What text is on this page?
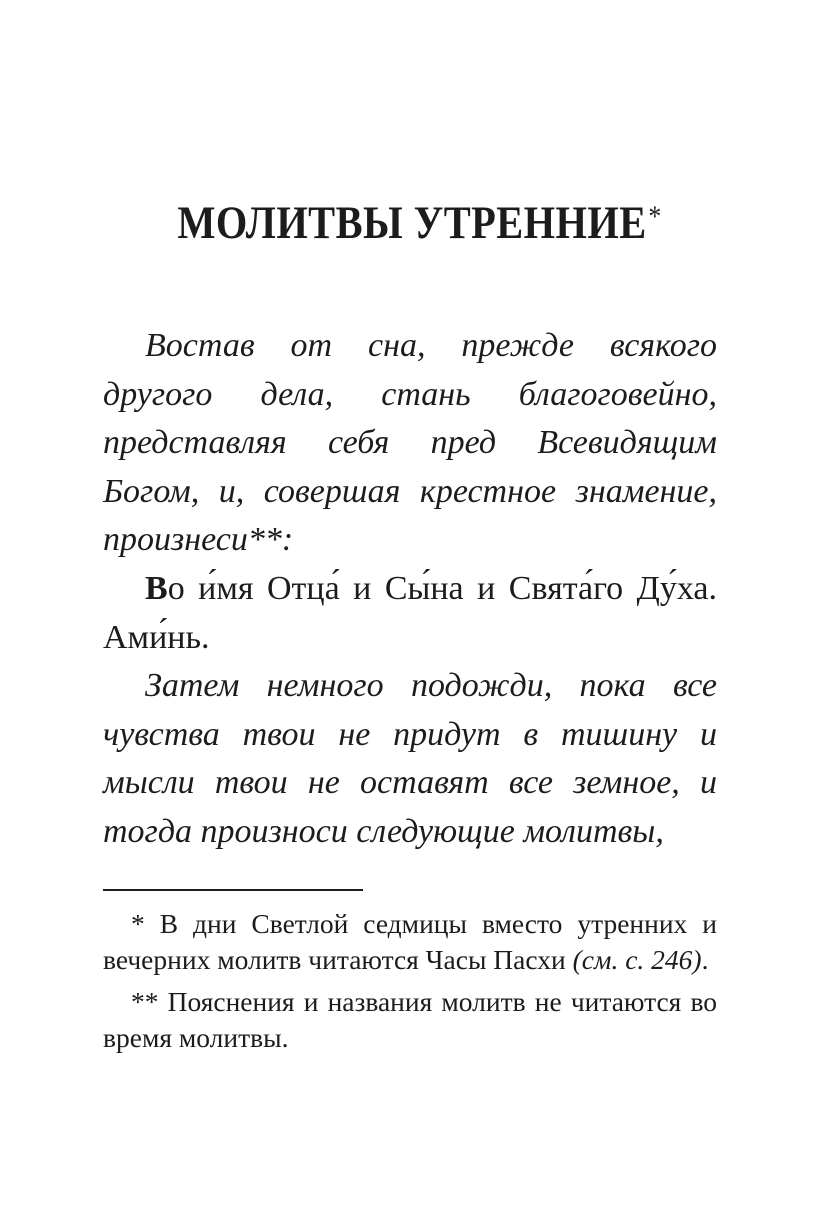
МОЛИТВЫ УТРЕННИЕ*

Востав от сна, прежде всякого другого дела, стань благоговейно, представляя себя пред Всевидящим Богом, и, совершая крестное знамение, произнеси**:

Во и́мя Отца́ и Сы́на и Свята́го Ду́ха. Ами́нь.

Затем немного подожди, пока все чувства твои не придут в тишину и мысли твои не оставят все земное, и тогда произноси следующие молитвы,

* В дни Светлой седмицы вместо утренних и вечерних молитв читаются Часы Пасхи (см. с. 246).

** Пояснения и названия молитв не читаются во время молитвы.
